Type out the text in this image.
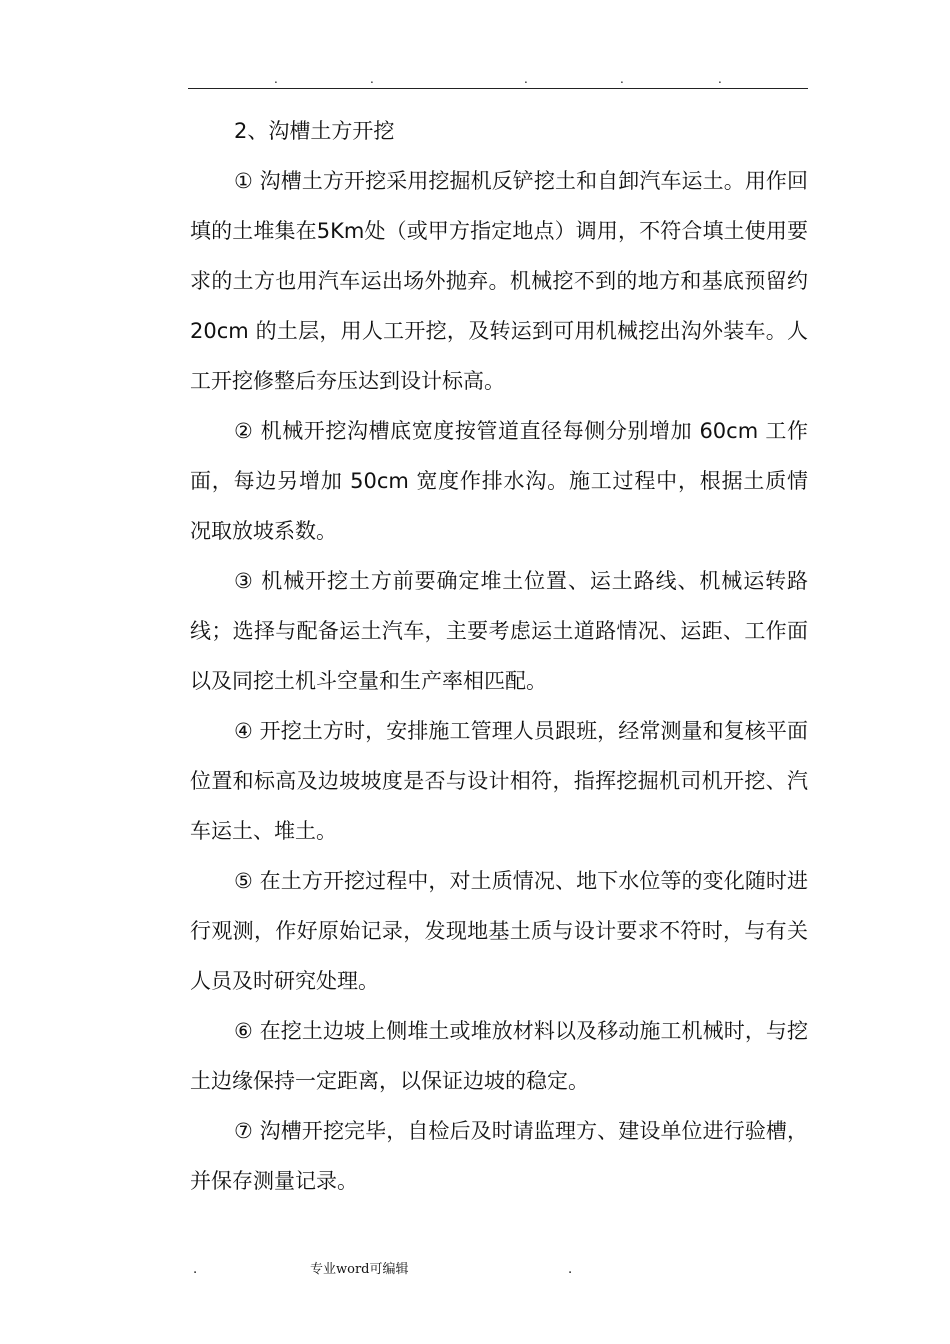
.	.	.	.	.

2、沟槽土方开挖

① 沟槽土方开挖采用挖掘机反铲挖土和自卸汽车运土。用作回填的土堆集在5Km处（或甲方指定地点）调用，不符合填土使用要求的土方也用汽车运出场外抛弃。机械挖不到的地方和基底预留约 20cm 的土层，用人工开挖，及转运到可用机械挖出沟外装车。人工开挖修整后夯压达到设计标高。

② 机械开挖沟槽底宽度按管道直径每侧分别增加 60cm 工作面，每边另增加 50cm 宽度作排水沟。施工过程中，根据土质情况取放坡系数。

③ 机械开挖土方前要确定堆土位置、运土路线、机械运转路线；选择与配备运土汽车，主要考虑运土道路情况、运距、工作面以及同挖土机斗空量和生产率相匹配。

④ 开挖土方时，安排施工管理人员跟班，经常测量和复核平面位置和标高及边坡坡度是否与设计相符，指挥挖掘机司机开挖、汽车运土、堆土。

⑤ 在土方开挖过程中，对土质情况、地下水位等的变化随时进行观测，作好原始记录，发现地基土质与设计要求不符时，与有关人员及时研究处理。

⑥ 在挖土边坡上侧堆土或堆放材料以及移动施工机械时，与挖土边缘保持一定距离，以保证边坡的稳定。

⑦ 沟槽开挖完毕，自检后及时请监理方、建设单位进行验槽，并保存测量记录。

.	专业word可编辑	.
